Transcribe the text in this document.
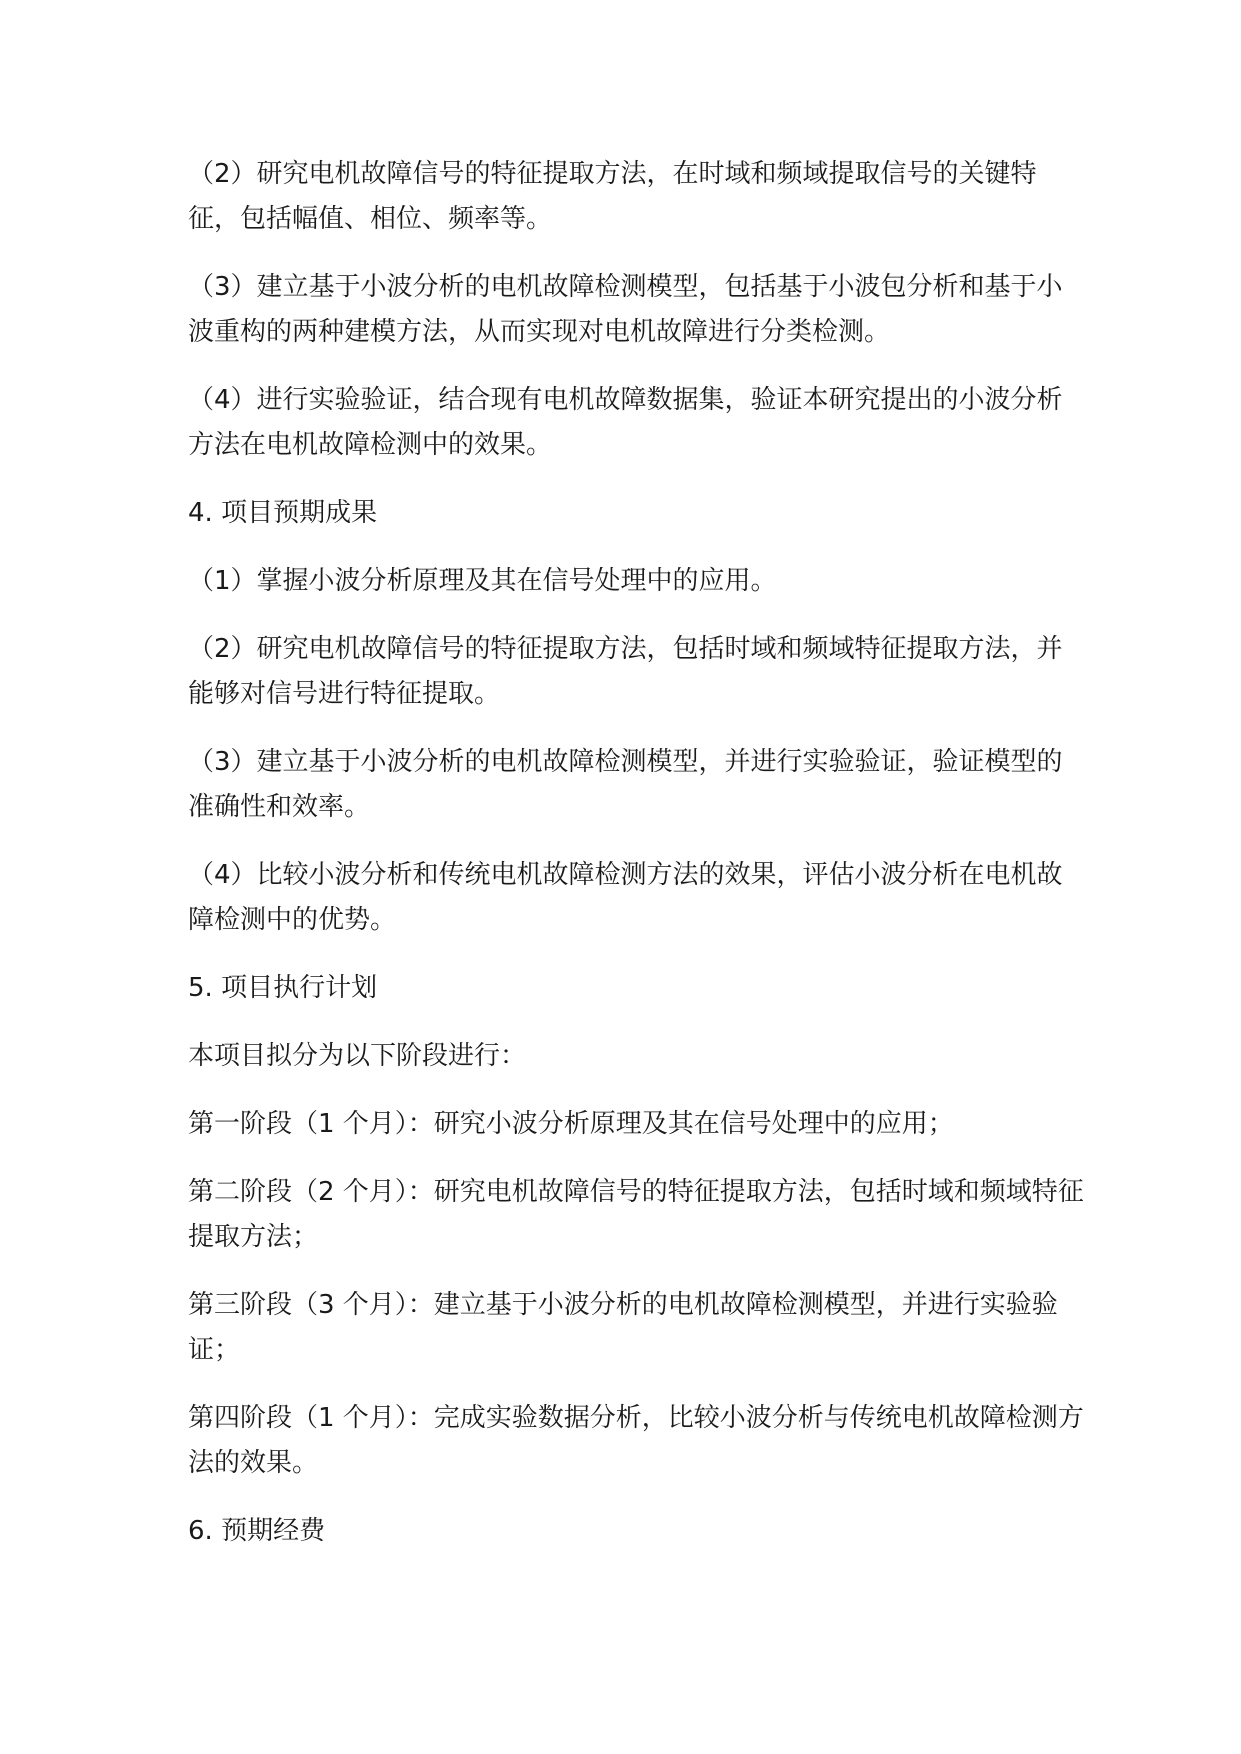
（2）研究电机故障信号的特征提取方法，在时域和频域提取信号的关键特征，包括幅值、相位、频率等。

（3）建立基于小波分析的电机故障检测模型，包括基于小波包分析和基于小波重构的两种建模方法，从而实现对电机故障进行分类检测。

（4）进行实验验证，结合现有电机故障数据集，验证本研究提出的小波分析方法在电机故障检测中的效果。

4. 项目预期成果

（1）掌握小波分析原理及其在信号处理中的应用。

（2）研究电机故障信号的特征提取方法，包括时域和频域特征提取方法，并能够对信号进行特征提取。

（3）建立基于小波分析的电机故障检测模型，并进行实验验证，验证模型的准确性和效率。

（4）比较小波分析和传统电机故障检测方法的效果，评估小波分析在电机故障检测中的优势。

5. 项目执行计划

本项目拟分为以下阶段进行：

第一阶段（1 个月）：研究小波分析原理及其在信号处理中的应用；

第二阶段（2 个月）：研究电机故障信号的特征提取方法，包括时域和频域特征提取方法；

第三阶段（3 个月）：建立基于小波分析的电机故障检测模型，并进行实验验证；

第四阶段（1 个月）：完成实验数据分析，比较小波分析与传统电机故障检测方法的效果。

6. 预期经费
